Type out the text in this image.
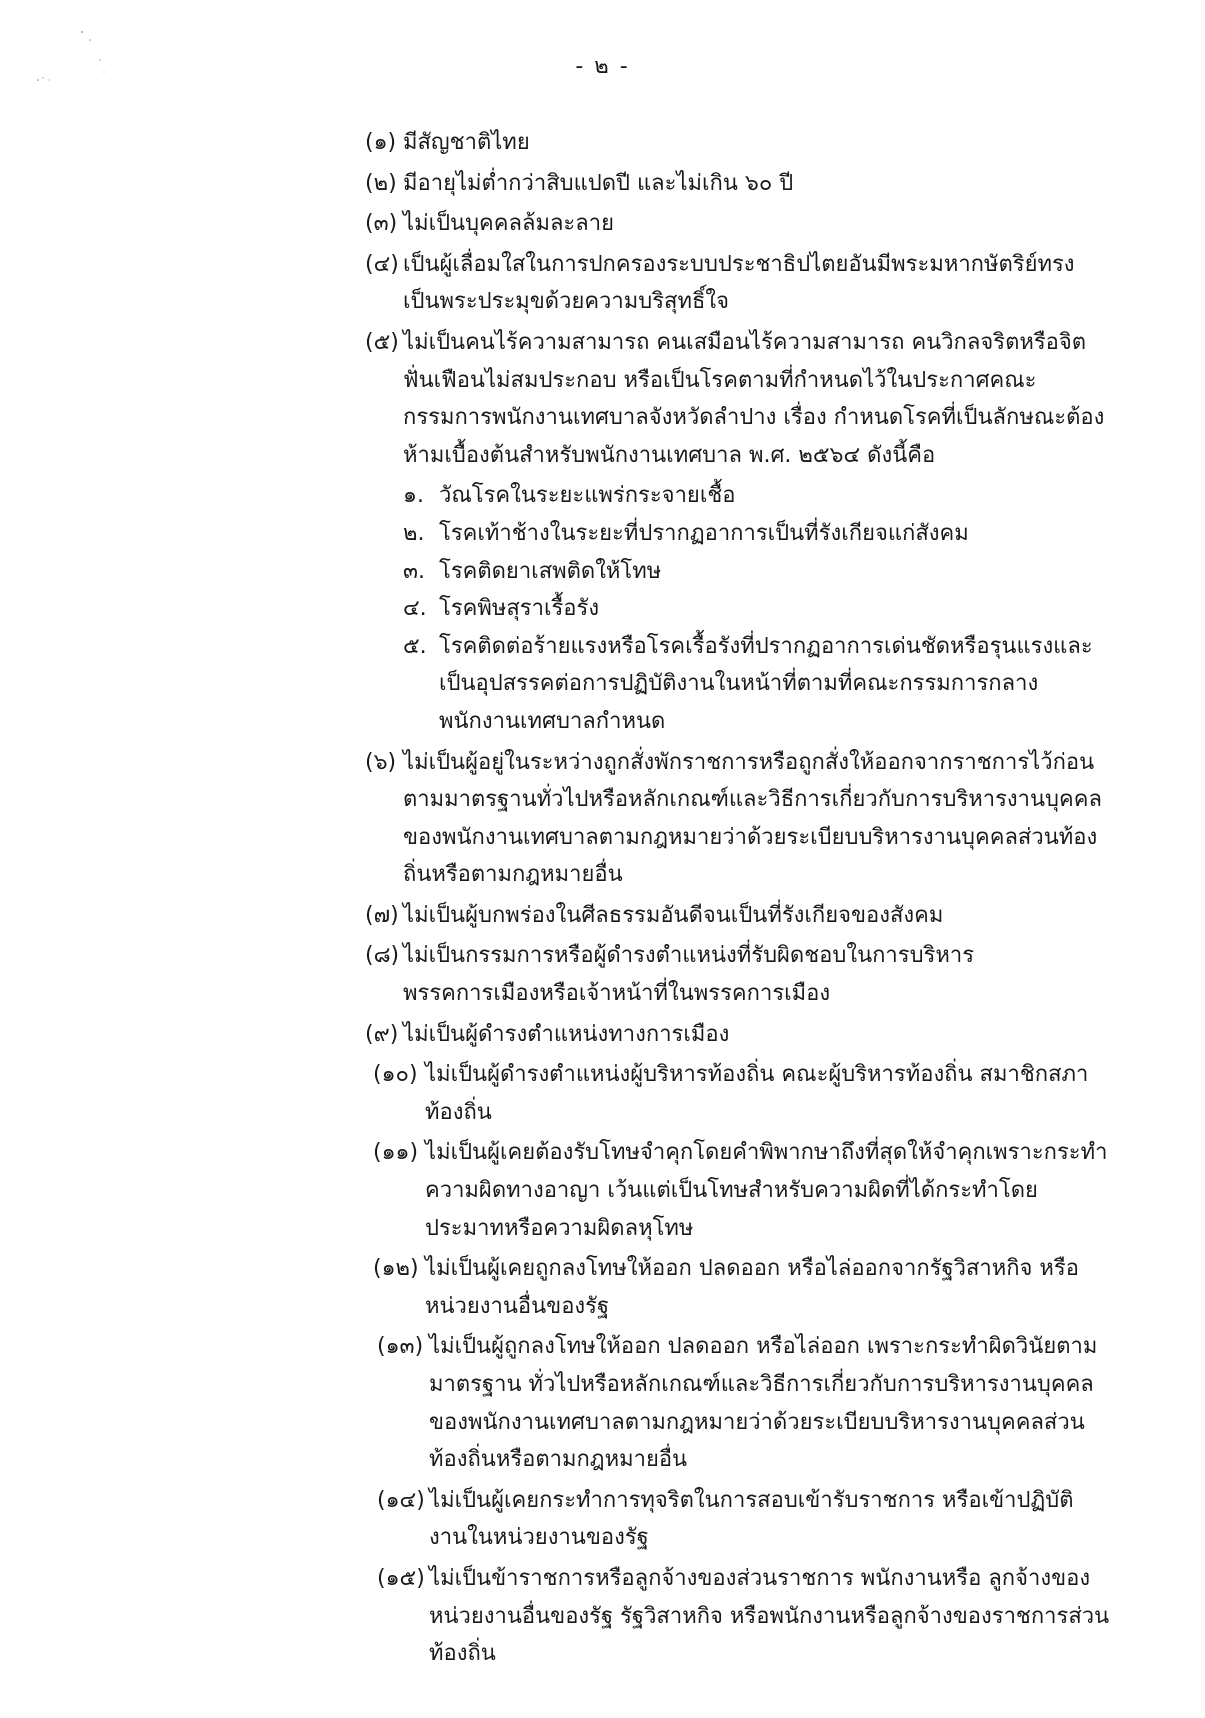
- ๒ -
(๑) มีสัญชาติไทย
(๒) มีอายุไม่ต่ำกว่าสิบแปดปี และไม่เกิน ๖๐ ปี
(๓) ไม่เป็นบุคคลล้มละลาย
(๔) เป็นผู้เลื่อมใสในการปกครองระบบประชาธิปไตยอันมีพระมหากษัตริย์ทรงเป็นพระประมุขด้วยความบริสุทธิ์ใจ
(๕) ไม่เป็นคนไร้ความสามารถ คนเสมือนไร้ความสามารถ คนวิกลจริตหรือจิตฟั่นเฟือนไม่สมประกอบ หรือเป็นโรคตามที่กำหนดไว้ในประกาศคณะกรรมการพนักงานเทศบาลจังหวัดลำปาง เรื่อง กำหนดโรคที่เป็นลักษณะต้องห้ามเบื้องต้นสำหรับพนักงานเทศบาล พ.ศ. ๒๕๖๔ ดังนี้คือ
๑. วัณโรคในระยะแพร่กระจายเชื้อ
๒. โรคเท้าช้างในระยะที่ปรากฏอาการเป็นที่รังเกียจแก่สังคม
๓. โรคติดยาเสพติดให้โทษ
๔. โรคพิษสุราเรื้อรัง
๕. โรคติดต่อร้ายแรงหรือโรคเรื้อรังที่ปรากฏอาการเด่นชัดหรือรุนแรงและเป็นอุปสรรคต่อการปฏิบัติงานในหน้าที่ตามที่คณะกรรมการกลางพนักงานเทศบาลกำหนด
(๖) ไม่เป็นผู้อยู่ในระหว่างถูกสั่งพักราชการหรือถูกสั่งให้ออกจากราชการไว้ก่อนตามมาตรฐานทั่วไปหรือหลักเกณฑ์และวิธีการเกี่ยวกับการบริหารงานบุคคลของพนักงานเทศบาลตามกฎหมายว่าด้วยระเบียบบริหารงานบุคคลส่วนท้องถิ่นหรือตามกฎหมายอื่น
(๗) ไม่เป็นผู้บกพร่องในศีลธรรมอันดีจนเป็นที่รังเกียจของสังคม
(๘) ไม่เป็นกรรมการหรือผู้ดำรงตำแหน่งที่รับผิดชอบในการบริหารพรรคการเมืองหรือเจ้าหน้าที่ในพรรคการเมือง
(๙) ไม่เป็นผู้ดำรงตำแหน่งทางการเมือง
(๑๐) ไม่เป็นผู้ดำรงตำแหน่งผู้บริหารท้องถิ่น คณะผู้บริหารท้องถิ่น สมาชิกสภาท้องถิ่น
(๑๑) ไม่เป็นผู้เคยต้องรับโทษจำคุกโดยคำพิพากษาถึงที่สุดให้จำคุกเพราะกระทำความผิดทางอาญา เว้นแต่เป็นโทษสำหรับความผิดที่ได้กระทำโดยประมาทหรือความผิดลหุโทษ
(๑๒) ไม่เป็นผู้เคยถูกลงโทษให้ออก ปลดออก หรือไล่ออกจากรัฐวิสาหกิจ หรือหน่วยงานอื่นของรัฐ
(๑๓) ไม่เป็นผู้ถูกลงโทษให้ออก ปลดออก หรือไล่ออก เพราะกระทำผิดวินัยตามมาตรฐาน ทั่วไปหรือหลักเกณฑ์และวิธีการเกี่ยวกับการบริหารงานบุคคลของพนักงานเทศบาลตามกฎหมายว่าด้วยระเบียบบริหารงานบุคคลส่วนท้องถิ่นหรือตามกฎหมายอื่น
(๑๔) ไม่เป็นผู้เคยกระทำการทุจริตในการสอบเข้ารับราชการ หรือเข้าปฏิบัติงานในหน่วยงานของรัฐ
(๑๕) ไม่เป็นข้าราชการหรือลูกจ้างของส่วนราชการ พนักงานหรือ ลูกจ้างของหน่วยงานอื่นของรัฐ รัฐวิสาหกิจ หรือพนักงานหรือลูกจ้างของราชการส่วนท้องถิ่น
